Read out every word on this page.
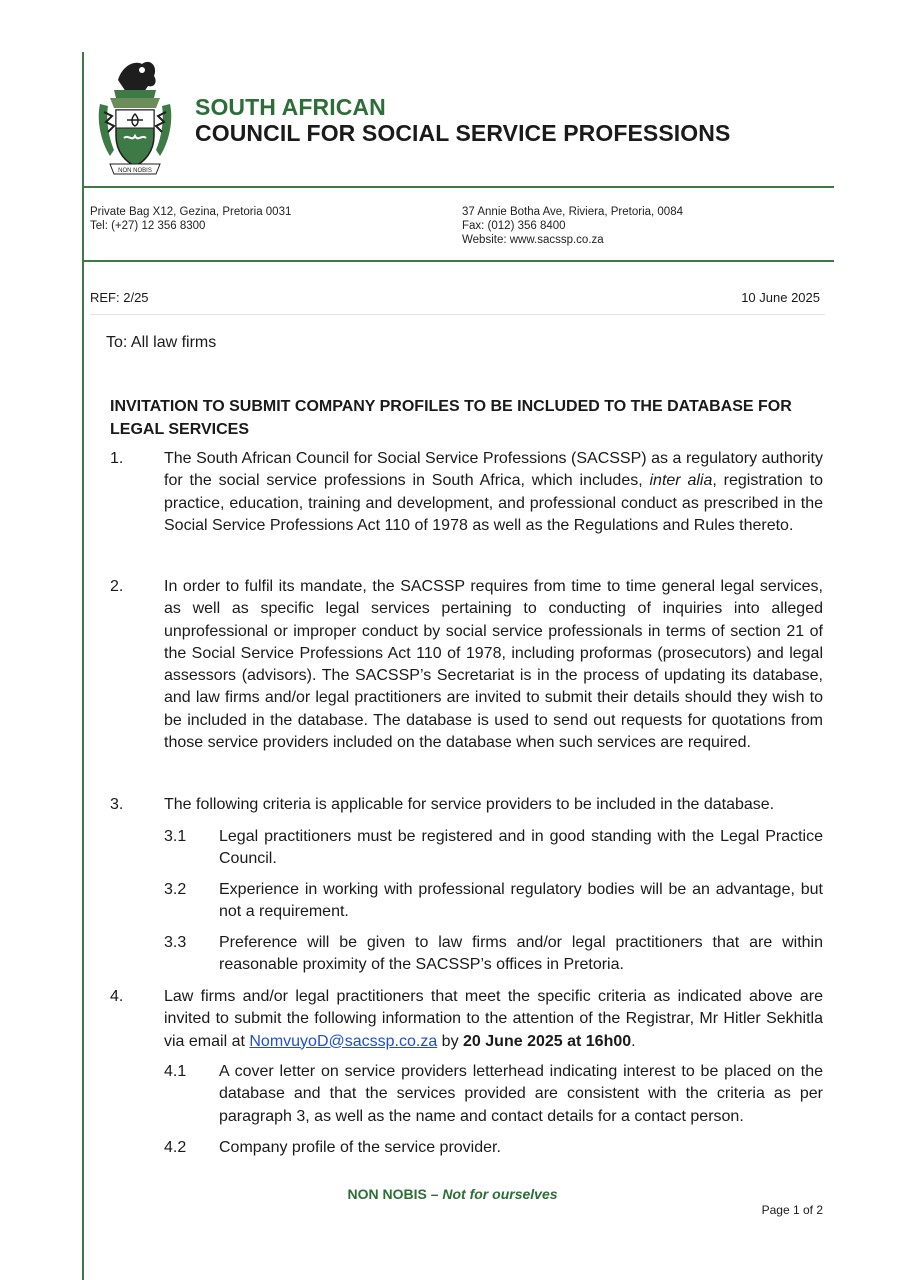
NON NOBIS
SOUTH AFRICAN
COUNCIL FOR SOCIAL SERVICE PROFESSIONS
Private Bag X12, Gezina, Pretoria 0031
Tel: (+27) 12 356 8300
37 Annie Botha Ave, Riviera, Pretoria, 0084
Fax: (012) 356 8400
Website: www.sacssp.co.za
REF: 2/25	10 June 2025
To: All law firms
INVITATION TO SUBMIT COMPANY PROFILES TO BE INCLUDED TO THE DATABASE FOR LEGAL SERVICES
1.	The South African Council for Social Service Professions (SACSSP) as a regulatory authority for the social service professions in South Africa, which includes, inter alia, registration to practice, education, training and development, and professional conduct as prescribed in the Social Service Professions Act 110 of 1978 as well as the Regulations and Rules thereto.
2.	In order to fulfil its mandate, the SACSSP requires from time to time general legal services, as well as specific legal services pertaining to conducting of inquiries into alleged unprofessional or improper conduct by social service professionals in terms of section 21 of the Social Service Professions Act 110 of 1978, including proformas (prosecutors) and legal assessors (advisors). The SACSSP’s Secretariat is in the process of updating its database, and law firms and/or legal practitioners are invited to submit their details should they wish to be included in the database. The database is used to send out requests for quotations from those service providers included on the database when such services are required.
3.	The following criteria is applicable for service providers to be included in the database.
3.1 Legal practitioners must be registered and in good standing with the Legal Practice Council.
3.2 Experience in working with professional regulatory bodies will be an advantage, but not a requirement.
3.3 Preference will be given to law firms and/or legal practitioners that are within reasonable proximity of the SACSSP’s offices in Pretoria.
4.	Law firms and/or legal practitioners that meet the specific criteria as indicated above are invited to submit the following information to the attention of the Registrar, Mr Hitler Sekhitla via email at NomvuyoD@sacssp.co.za by 20 June 2025 at 16h00.
4.1 A cover letter on service providers letterhead indicating interest to be placed on the database and that the services provided are consistent with the criteria as per paragraph 3, as well as the name and contact details for a contact person.
4.2 Company profile of the service provider.
NON NOBIS – Not for ourselves
Page 1 of 2
